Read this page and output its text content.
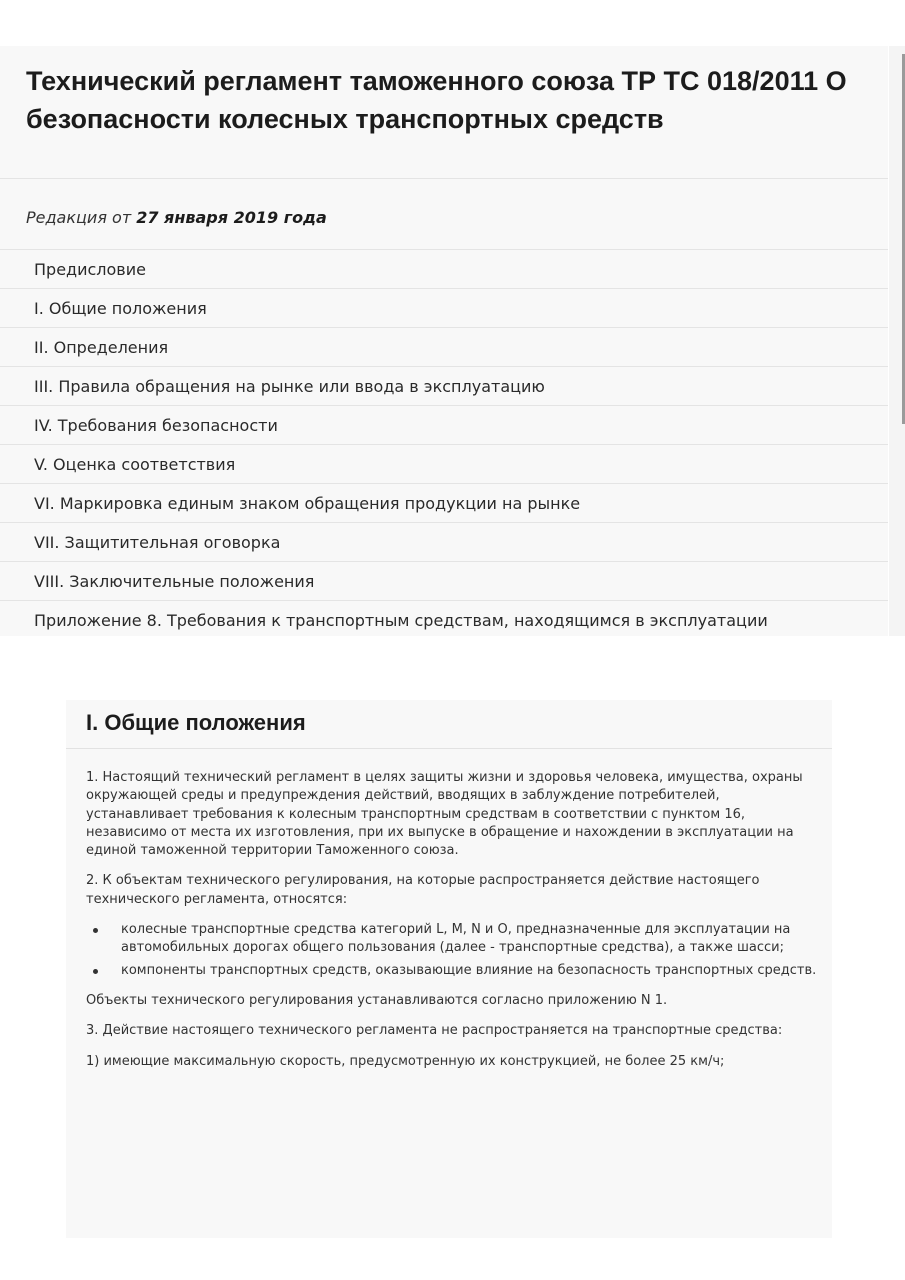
Технический регламент таможенного союза ТР ТС 018/2011 О безопасности колесных транспортных средств
Редакция от 27 января 2019 года
Предисловие
I. Общие положения
II. Определения
III. Правила обращения на рынке или ввода в эксплуатацию
IV. Требования безопасности
V. Оценка соответствия
VI. Маркировка единым знаком обращения продукции на рынке
VII. Защитительная оговорка
VIII. Заключительные положения
Приложение 8. Требования к транспортным средствам, находящимся в эксплуатации
I. Общие положения

1. Настоящий технический регламент в целях защиты жизни и здоровья человека, имущества, охраны окружающей среды и предупреждения действий, вводящих в заблуждение потребителей, устанавливает требования к колесным транспортным средствам в соответствии с пунктом 16, независимо от места их изготовления, при их выпуске в обращение и нахождении в эксплуатации на единой таможенной территории Таможенного союза.

2. К объектам технического регулирования, на которые распространяется действие настоящего технического регламента, относятся:

колесные транспортные средства категорий L, M, N и O, предназначенные для эксплуатации на автомобильных дорогах общего пользования (далее - транспортные средства), а также шасси;
компоненты транспортных средств, оказывающие влияние на безопасность транспортных средств.

Объекты технического регулирования устанавливаются согласно приложению N 1.

3. Действие настоящего технического регламента не распространяется на транспортные средства:

1) имеющие максимальную скорость, предусмотренную их конструкцией, не более 25 км/ч;
